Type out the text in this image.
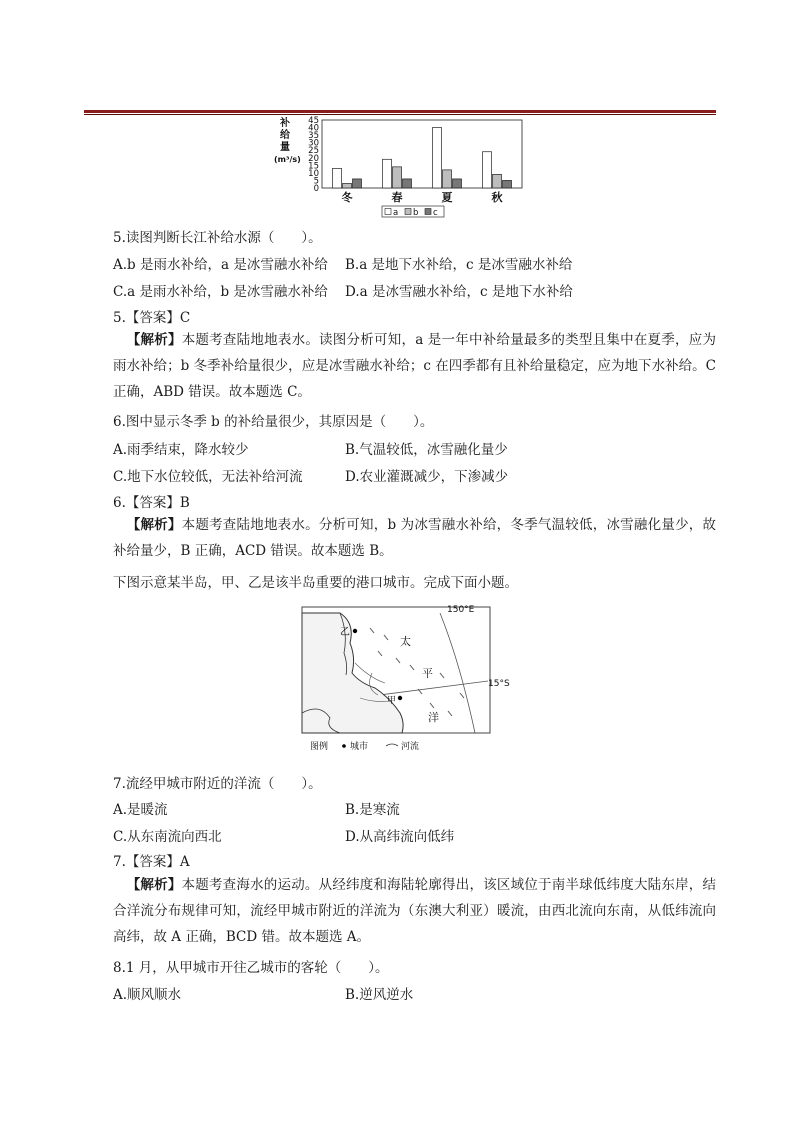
补
给
量
(m³/s)
0
5
10
15
20
25
30
35
40
45
冬	春	夏	秋
a b c
5.读图判断长江补给水源（　　）。
A.b 是雨水补给，a 是冰雪融水补给 B.a 是地下水补给，c 是冰雪融水补给
C.a 是雨水补给，b 是冰雪融水补给 D.a 是冰雪融水补给，c 是地下水补给
5.【答案】C
 【解析】本题考查陆地地表水。读图分析可知，a 是一年中补给量最多的类型且集中在夏季，应为雨水补给；b 冬季补给量很少，应是冰雪融水补给；c 在四季都有且补给量稳定，应为地下水补给。C 正确，ABD 错误。故本题选 C。
6.图中显示冬季 b 的补给量很少，其原因是（　　）。
A.雨季结束，降水较少	B.气温较低，冰雪融化量少
C.地下水位较低，无法补给河流	D.农业灌溉减少，下渗减少
6.【答案】B
 【解析】本题考查陆地地表水。分析可知，b 为冰雪融水补给，冬季气温较低，冰雪融化量少，故补给量少，B 正确，ACD 错误。故本题选 B。
下图示意某半岛，甲、乙是该半岛重要的港口城市。完成下面小题。
乙
甲
太
平
洋
150°E
15°S
图例 城市	河流
7.流经甲城市附近的洋流（　　）。
A.是暖流	B.是寒流
C.从东南流向西北	D.从高纬流向低纬
7.【答案】A
 【解析】本题考查海水的运动。从经纬度和海陆轮廓得出，该区域位于南半球低纬度大陆东岸，结合洋流分布规律可知，流经甲城市附近的洋流为（东澳大利亚）暖流，由西北流向东南，从低纬流向高纬，故 A 正确，BCD 错。故本题选 A。
8.1 月，从甲城市开往乙城市的客轮（　　）。
A.顺风顺水	B.逆风逆水
